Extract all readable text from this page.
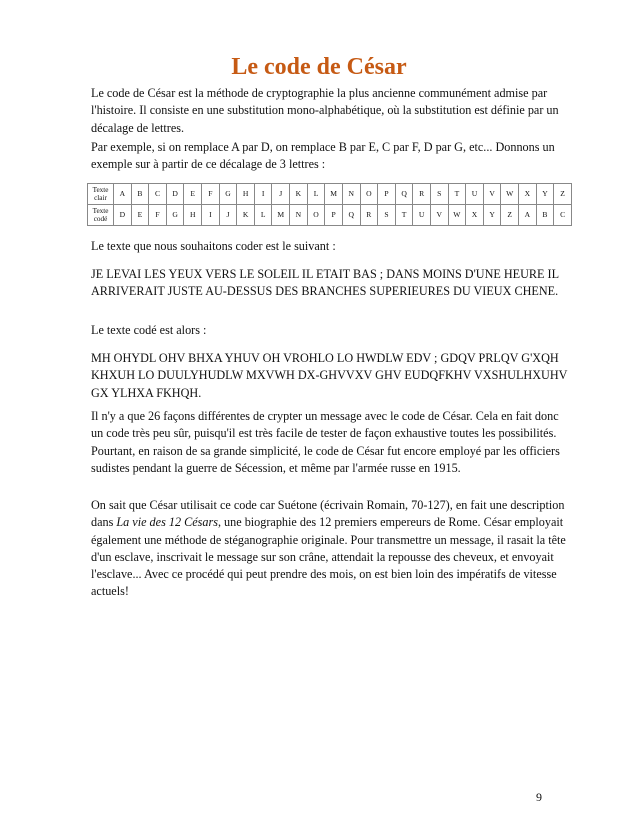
Le code de César

Le code de César est la méthode de cryptographie la plus ancienne communément admise par l'histoire. Il consiste en une substitution mono-alphabétique, où la substitution est définie par un décalage de lettres.

Par exemple, si on remplace A par D, on remplace B par E, C par F, D par G, etc... Donnons un exemple sur à partir de ce décalage de 3 lettres :

Texte
clair	A	B	C	D	E	F	G	H	I	J	K	L	M	N	O	P	Q	R	S	T	U	V	W	X	Y	Z
Texte
codé	D	E	F	G	H	I	J	K	L	M	N	O	P	Q	R	S	T	U	V	W	X	Y	Z	A	B	C

Le texte que nous souhaitons coder est le suivant :

JE LEVAI LES YEUX VERS LE SOLEIL IL ETAIT BAS ; DANS MOINS D'UNE HEURE IL ARRIVERAIT JUSTE AU-DESSUS DES BRANCHES SUPERIEURES DU VIEUX CHENE.

Le texte codé est alors :

MH OHYDL OHV BHXA YHUV OH VROHLO LO HWDLW EDV ; GDQV PRLQV G'XQH KHXUH LO DUULYHUDLW MXVWH DX-GHVVXV GHV EUDQFKHV VXSHULHXUHV GX YLHXA FKHQH.

Il n'y a que 26 façons différentes de crypter un message avec le code de César. Cela en fait donc un code très peu sûr, puisqu'il est très facile de tester de façon exhaustive toutes les possibilités. Pourtant, en raison de sa grande simplicité, le code de César fut encore employé par les officiers sudistes pendant la guerre de Sécession, et même par l'armée russe en 1915.

On sait que César utilisait ce code car Suétone (écrivain Romain, 70-127), en fait une description dans La vie des 12 Césars, une biographie des 12 premiers empereurs de Rome. César employait également une méthode de stéganographie originale. Pour transmettre un message, il rasait la tête d'un esclave, inscrivait le message sur son crâne, attendait la repousse des cheveux, et envoyait l'esclave... Avec ce procédé qui peut prendre des mois, on est bien loin des impératifs de vitesse actuels!

9
